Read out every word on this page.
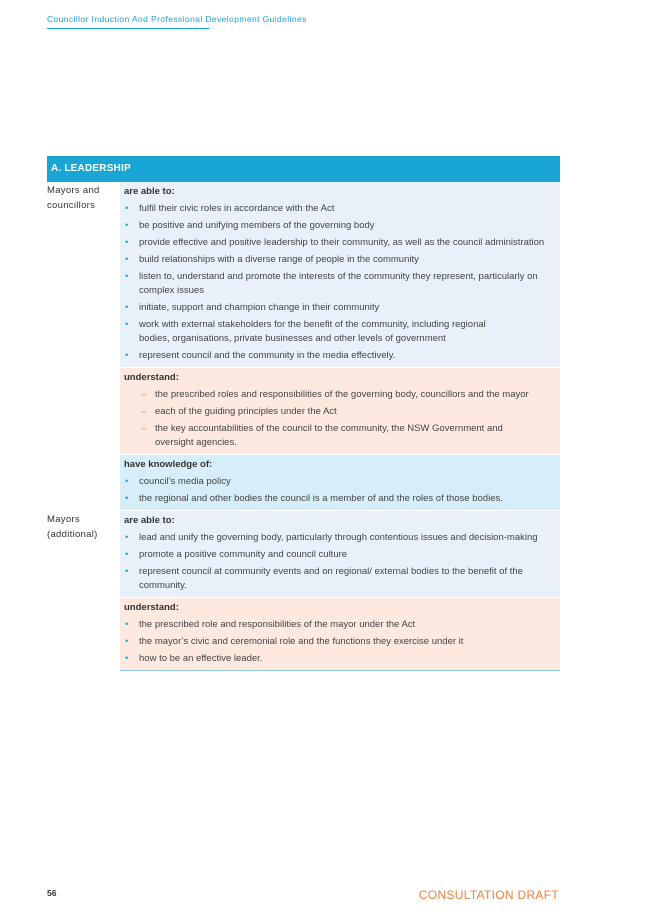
Councillor Induction And Professional Development Guidelines
A. LEADERSHIP
Mayors and
councillors
are able to:
•	fulfil their civic roles in accordance with the Act
•	be positive and unifying members of the governing body
•	provide effective and positive leadership to their community, as well as the council administration
•	build relationships with a diverse range of people in the community
•	listen to, understand and promote the interests of the community they represent, particularly on complex issues
•	initiate, support and champion change in their community
•	work with external stakeholders for the benefit of the community, including regional bodies, organisations, private businesses and other levels of government
•	represent council and the community in the media effectively.
understand:
– the prescribed roles and responsibilities of the governing body, councillors and the mayor
– each of the guiding principles under the Act
– the key accountabilities of the council to the community, the NSW Government and oversight agencies.
have knowledge of:
•	council’s media policy
•	the regional and other bodies the council is a member of and the roles of those bodies.
Mayors
(additional)
are able to:
•	lead and unify the governing body, particularly through contentious issues and decision-making
•	promote a positive community and council culture
•	represent council at community events and on regional/ external bodies to the benefit of the community.
understand:
•	the prescribed role and responsibilities of the mayor under the Act
•	the mayor’s civic and ceremonial role and the functions they exercise under it
•	how to be an effective leader.
56	CONSULTATION DRAFT
